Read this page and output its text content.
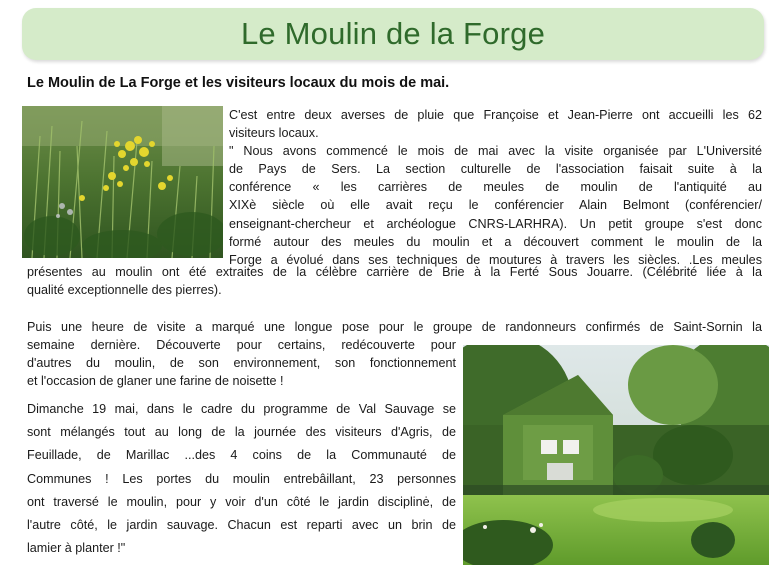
Le Moulin de la Forge
Le Moulin de La Forge et les visiteurs locaux du mois de mai.
C'est entre deux averses de pluie que Françoise et Jean-Pierre ont accueilli les 62
visiteurs locaux.
" Nous avons commencé le mois de mai avec la visite organisée par L'Université
de Pays de Sers. La section culturelle de l'association faisait suite à la
conférence « les carrières de meules de moulin de l'antiquité au
XIXè siècle où elle avait reçu le conférencier Alain Belmont (conférencier/
enseignant-chercheur et archéologue CNRS-LARHRA). Un petit groupe s'est donc
formé autour des meules du moulin et a découvert comment le moulin de la
Forge a évolué dans ses techniques de moutures à travers les siècles. .Les meules
présentes au moulin ont été extraites de la célèbre carrière de Brie à la Ferté Sous Jouarre. (Célébrité liée à la
qualité exceptionnelle des pierres).
Puis une heure de visite a marqué une longue pose pour le groupe de randonneurs confirmés de Saint-Sornin la
semaine dernière. Découverte pour certains, redécouverte pour
d'autres du moulin, de son environnement, son fonctionnement
et l'occasion de glaner une farine de noisette !
Dimanche 19 mai, dans le cadre du programme de Val Sauvage se
sont mélangés tout au long de la journée des visiteurs d'Agris, de
Feuillade, de Marillac ...des 4 coins de la Communauté de
Communes ! Les portes du moulin entrebâillant, 23 personnes
ont traversé le moulin, pour y voir d'un côté le jardin disciplinė, de
l'autre côté, le jardin sauvage. Chacun est reparti avec un brin de
lamier à planter !"
